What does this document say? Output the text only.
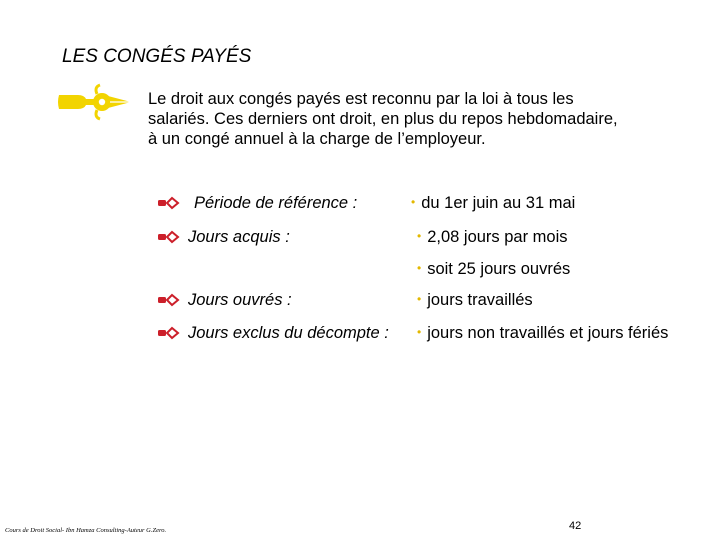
LES CONGÉS PAYÉS
Le droit aux congés payés est reconnu par la loi à tous les
salariés. Ces derniers ont droit, en plus du repos hebdomadaire,
à un congé annuel à la charge de l’employeur.
Période de référence :	• du 1er juin au 31 mai
Jours acquis :	• 2,08 jours par mois
• soit 25 jours ouvrés
Jours ouvrés :	• jours travaillés
Jours exclus du décompte : • jours non travaillés et jours fériés
Cours de Droit Social- Ibn Hamza Consulting-Auteur G.Zero.	42
